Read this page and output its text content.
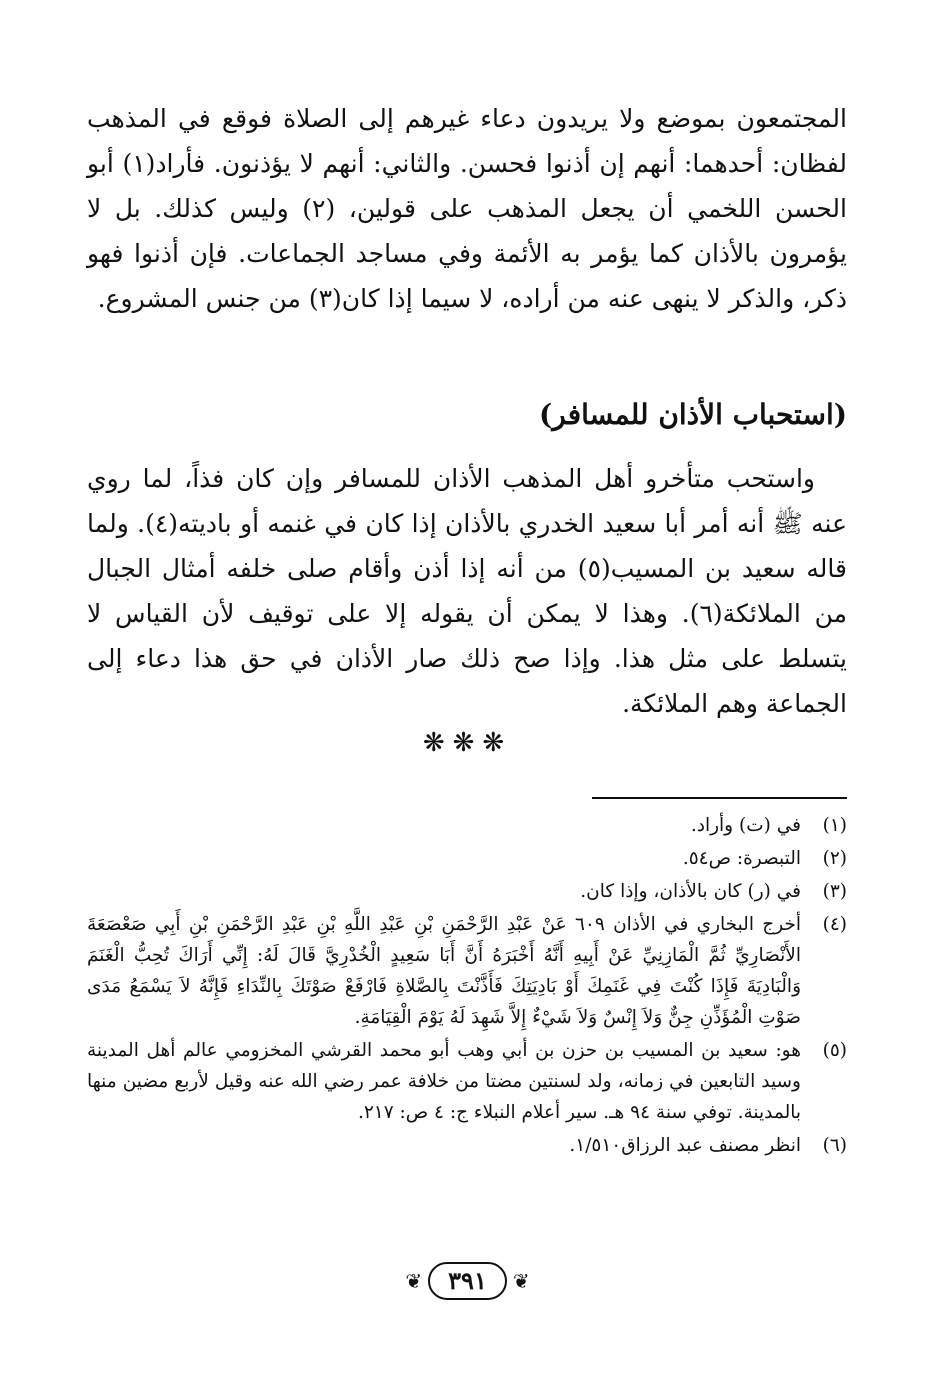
المجتمعون بموضع ولا يريدون دعاء غيرهم إلى الصلاة فوقع في المذهب لفظان: أحدهما: أنهم إن أذنوا فحسن. والثاني: أنهم لا يؤذنون. فأراد(١) أبو الحسن اللخمي أن يجعل المذهب على قولين، (٢) وليس كذلك. بل لا يؤمرون بالأذان كما يؤمر به الأئمة وفي مساجد الجماعات. فإن أذنوا فهو ذكر، والذكر لا ينهى عنه من أراده، لا سيما إذا كان(٣) من جنس المشروع.

(استحباب الأذان للمسافر)

واستحب متأخرو أهل المذهب الأذان للمسافر وإن كان فذاً، لما روي عنه ﷺ أنه أمر أبا سعيد الخدري بالأذان إذا كان في غنمه أو باديته(٤). ولما قاله سعيد بن المسيب(٥) من أنه إذا أذن وأقام صلى خلفه أمثال الجبال من الملائكة(٦). وهذا لا يمكن أن يقوله إلا على توقيف لأن القياس لا يتسلط على مثل هذا. وإذا صح ذلك صار الأذان في حق هذا دعاء إلى الجماعة وهم الملائكة.

❋❋❋
(١)
في (ت) وأراد.
(٢)
التبصرة: ص٥٤.
(٣)
في (ر) كان بالأذان، وإذا كان.
(٤)
أخرج البخاري في الأذان ٦٠٩ عَنْ عَبْدِ الرَّحْمَنِ بْنِ عَبْدِ اللَّهِ بْنِ عَبْدِ الرَّحْمَنِ بْنِ أَبِي صَعْصَعَةَ الأَنْصَارِيِّ ثُمَّ الْمَازِنِيِّ عَنْ أَبِيهِ أَنَّهُ أَخْبَرَهُ أَنَّ أَبَا سَعِيدٍ الْخُدْرِيَّ قَالَ لَهُ: إِنِّي أَرَاكَ تُحِبُّ الْغَنَمَ وَالْبَادِيَةَ فَإِذَا كُنْتَ فِي غَنَمِكَ أَوْ بَادِيَتِكَ فَأَذَّنْتَ بِالصَّلاةِ فَارْفَعْ صَوْتَكَ بِالنِّدَاءِ فَإِنَّهُ لاَ يَسْمَعُ مَدَى صَوْتِ الْمُؤَذِّنِ جِنٌّ وَلاَ إِنْسٌ وَلاَ شَيْءٌ إِلاَّ شَهِدَ لَهُ يَوْمَ الْقِيَامَةِ.
(٥)
هو: سعيد بن المسيب بن حزن بن أبي وهب أبو محمد القرشي المخزومي عالم أهل المدينة وسيد التابعين في زمانه، ولد لسنتين مضتا من خلافة عمر رضي الله عنه وقيل لأربع مضين منها بالمدينة. توفي سنة ٩٤ هـ. سير أعلام النبلاء ج: ٤ ص: ٢١٧.
(٦)
انظر مصنف عبد الرزاق١/٥١٠.
❦	٣٩١	❦
